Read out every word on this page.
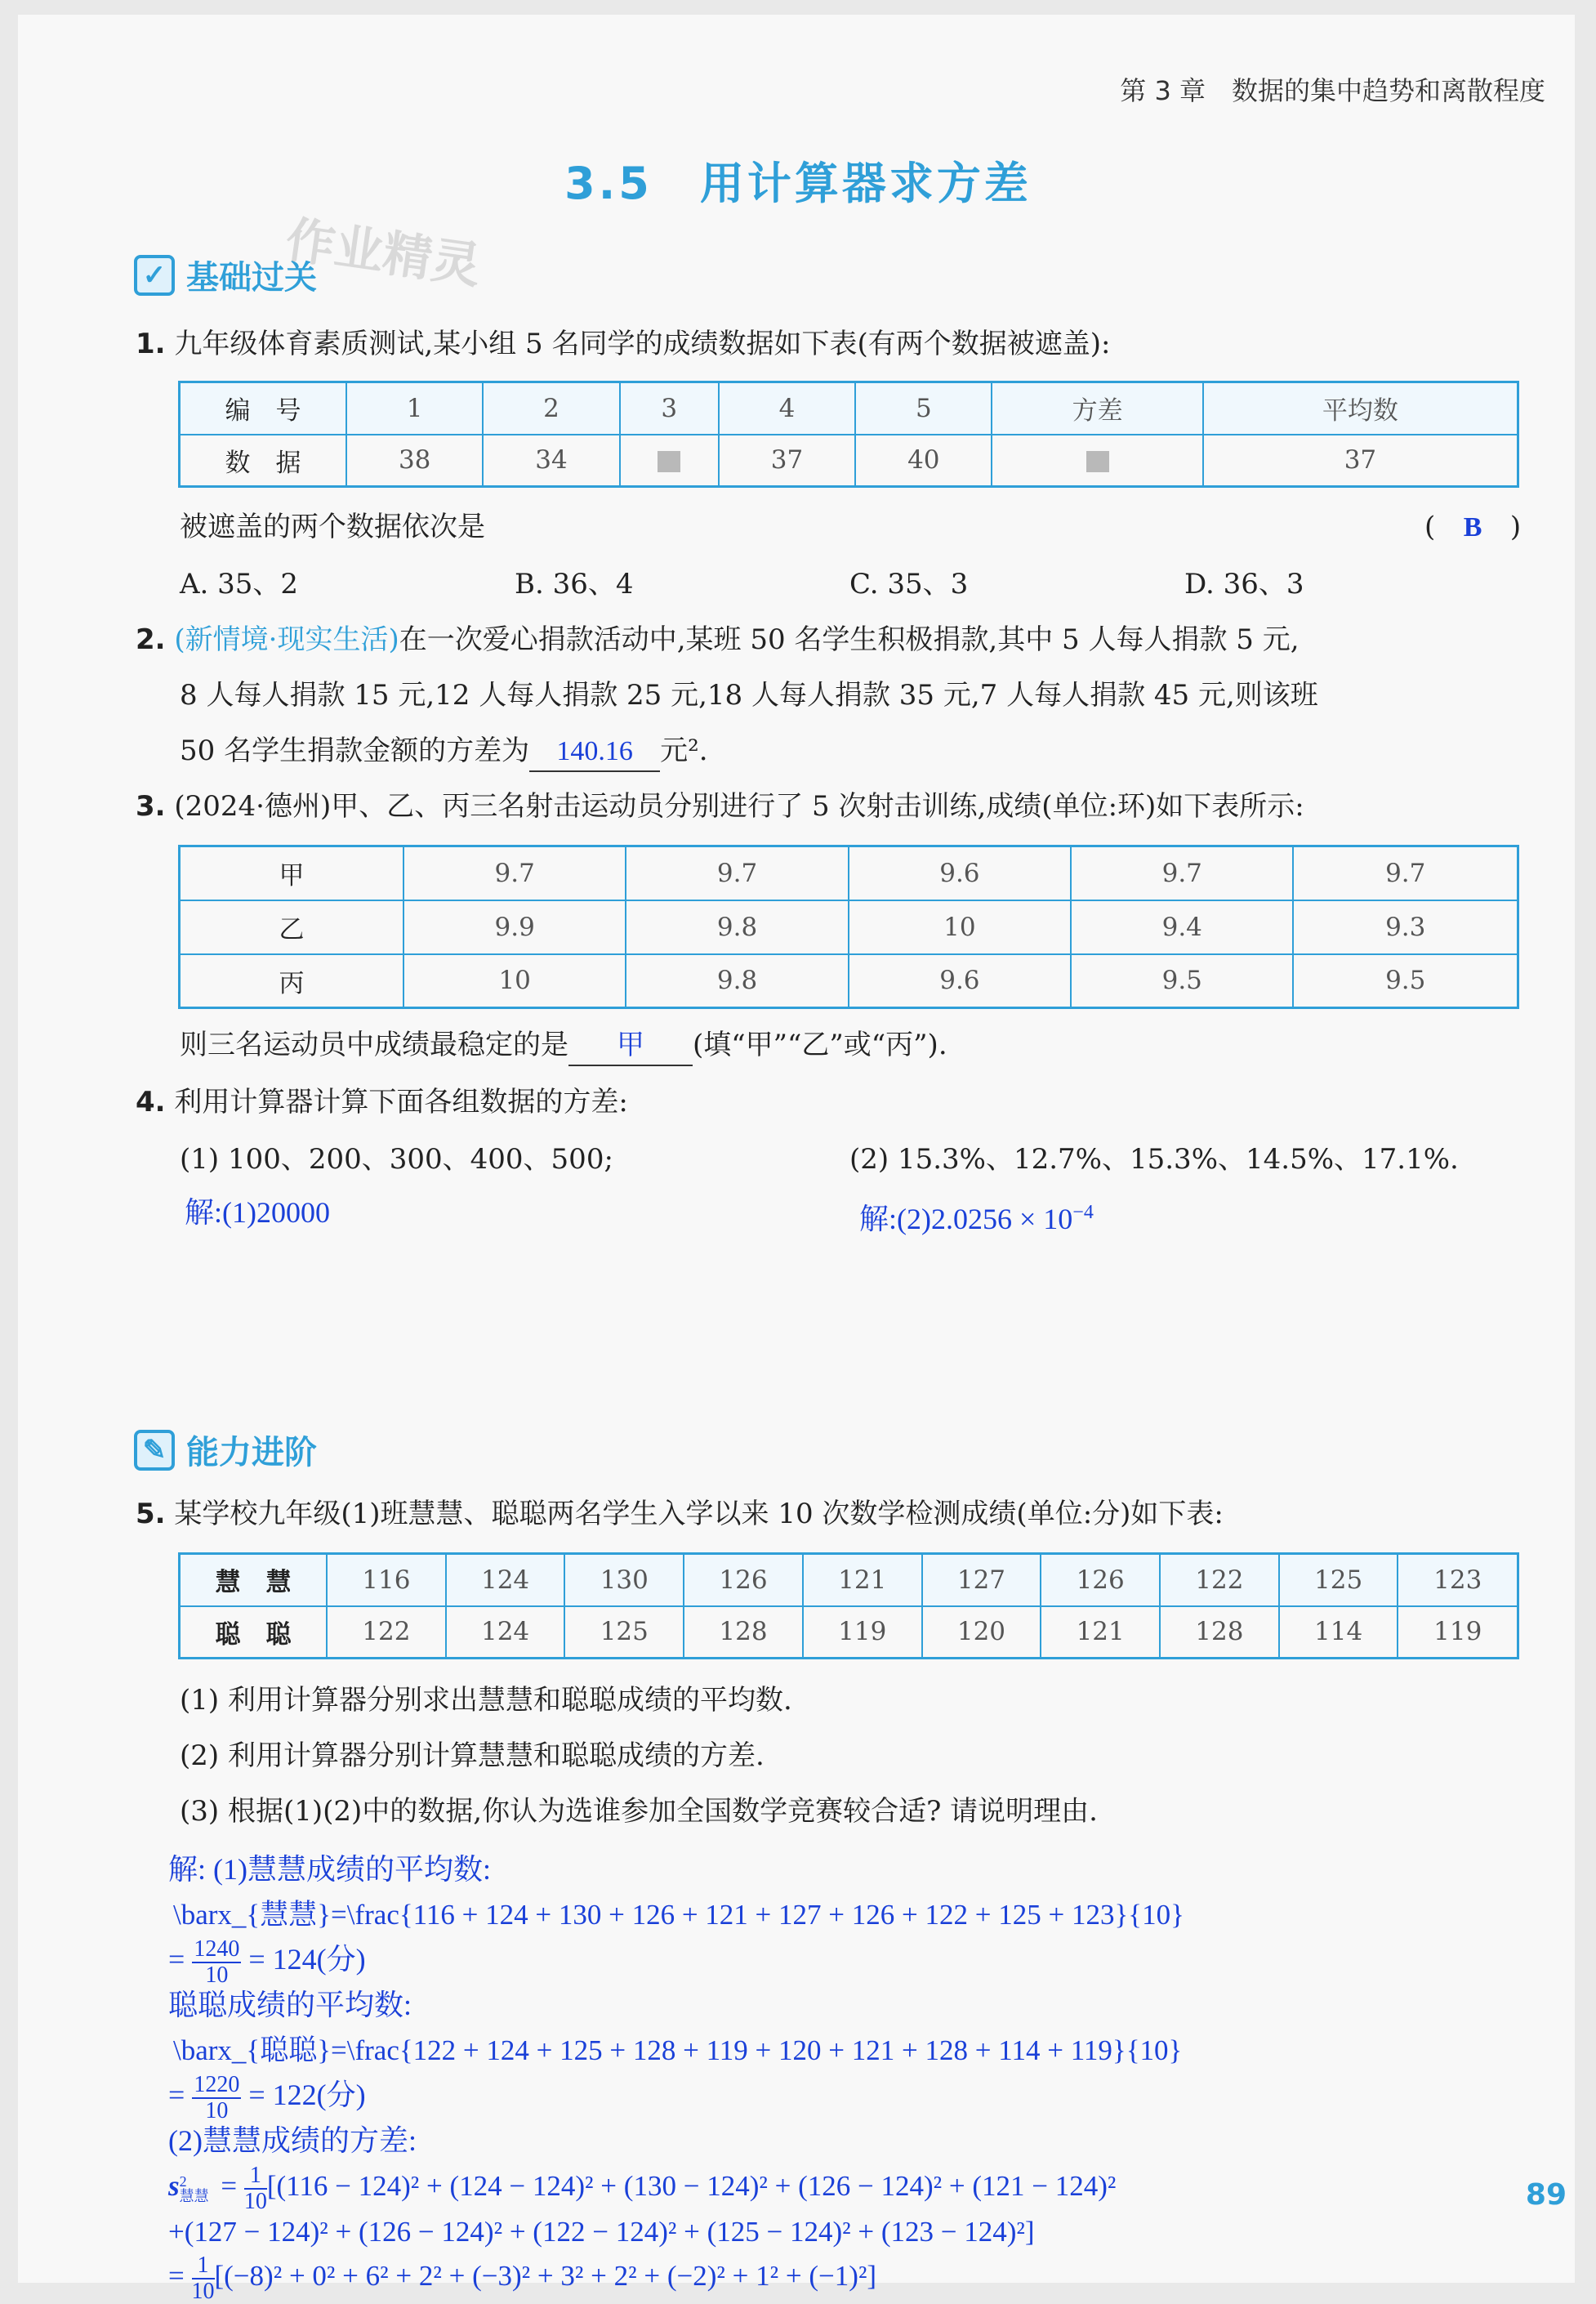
第 3 章　数据的集中趋势和离散程度
3.5　用计算器求方差
✓ 基础过关
作业精灵
1. 九年级体育素质测试,某小组 5 名同学的成绩数据如下表(有两个数据被遮盖):
编　号	1	2	3	4	5	方差	平均数
数　据	38	34		37	40		37
被遮盖的两个数据依次是	( B )
A. 35、2	B. 36、4	C. 35、3	D. 36、3
2. (新情境·现实生活)在一次爱心捐款活动中,某班 50 名学生积极捐款,其中 5 人每人捐款 5 元,
8 人每人捐款 15 元,12 人每人捐款 25 元,18 人每人捐款 35 元,7 人每人捐款 45 元,则该班
50 名学生捐款金额的方差为 140.16 元².
3. (2024·德州)甲、乙、丙三名射击运动员分别进行了 5 次射击训练,成绩(单位:环)如下表所示:
甲	9.7	9.7	9.6	9.7	9.7
乙	9.9	9.8	10	9.4	9.3
丙	10	9.8	9.6	9.5	9.5
则三名运动员中成绩最稳定的是 甲 (填“甲”“乙”或“丙”).
4. 利用计算器计算下面各组数据的方差:
(1) 100、200、300、400、500;	(2) 15.3%、12.7%、15.3%、14.5%、17.1%.
解:(1)20000	解:(2)2.0256 × $10^{-4}$
✎ 能力进阶
5. 某学校九年级(1)班慧慧、聪聪两名学生入学以来 10 次数学检测成绩(单位:分)如下表:
慧　慧	116	124	130	126	121	127	126	122	125	123
聪　聪	122	124	125	128	119	120	121	128	114	119
(1) 利用计算器分别求出慧慧和聪聪成绩的平均数.
(2) 利用计算器分别计算慧慧和聪聪成绩的方差.
(3) 根据(1)(2)中的数据,你认为选谁参加全国数学竞赛较合适? 请说明理由.
解: (1)慧慧成绩的平均数:
\barx_{慧慧}=\frac{116 + 124 + 130 + 126 + 121 + 127 + 126 + 122 + 125 + 123}{10}
= $\frac{1240}{10} = 124$(分)
聪聪成绩的平均数:
\barx_{聪聪}=\frac{122 + 124 + 125 + 128 + 119 + 120 + 121 + 128 + 114 + 119}{10}
= $\frac{1220}{10} = 122$(分)
(2)慧慧成绩的方差:
s 2
慧慧 = $\frac{1}{10} [(116 - 124)^2 + (124 - 124)^2 + (130 - 124)^2 + (126 - 124)^2 + (121 - 124)^2$
+(127 − 124)² + (126 − 124)² + (122 − 124)² + (125 − 124)² + (123 − 124)²]
= $\frac{1}{10} [(-8)^2 + 0^2 + 6^2 + 2^2 + (-3)^2 + 3^2 + 2^2 + (-2)^2 + 1^2 + (-1)^2]$
89
